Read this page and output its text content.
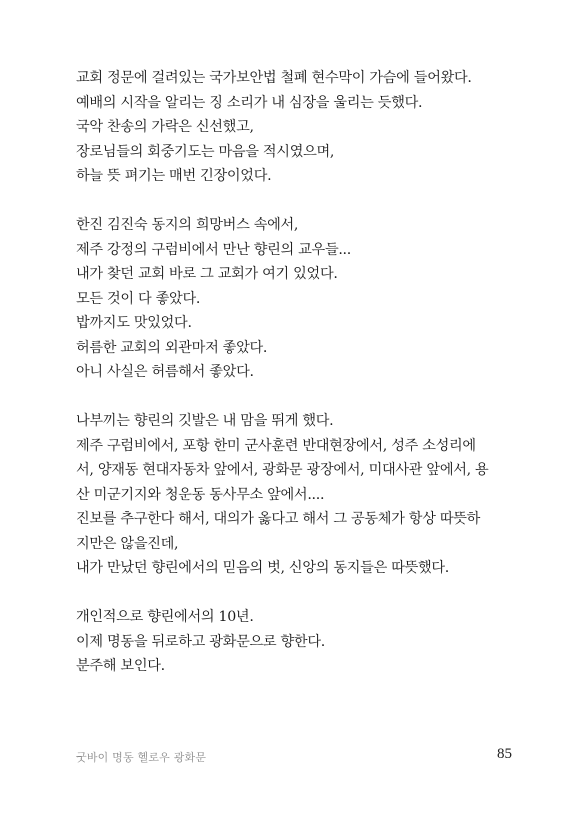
교회 정문에 걸려있는 국가보안법 철폐 현수막이 가슴에 들어왔다.
예배의 시작을 알리는 징 소리가 내 심장을 울리는 듯했다.
국악 찬송의 가락은 신선했고,
장로님들의 회중기도는 마음을 적시였으며,
하늘 뜻 펴기는 매번 긴장이었다.
한진 김진숙 동지의 희망버스 속에서,
제주 강정의 구럼비에서 만난 향린의 교우들...
내가 찾던 교회 바로 그 교회가 여기 있었다.
모든 것이 다 좋았다.
밥까지도 맛있었다.
허름한 교회의 외관마저 좋았다.
아니 사실은 허름해서 좋았다.
나부끼는 향린의 깃발은 내 맘을 뛰게 했다.
제주 구럼비에서, 포항 한미 군사훈련 반대현장에서, 성주 소성리에
서, 양재동 현대자동차 앞에서, 광화문 광장에서, 미대사관 앞에서, 용
산 미군기지와 청운동 동사무소 앞에서....
진보를 추구한다 해서, 대의가 옳다고 해서 그 공동체가 항상 따뜻하
지만은 않을진데,
내가 만났던 향린에서의 믿음의 벗, 신앙의 동지들은 따뜻했다.
개인적으로 향린에서의 10년.
이제 명동을 뒤로하고 광화문으로 향한다.
분주해 보인다.
굿바이 명동 헬로우 광화문	85
